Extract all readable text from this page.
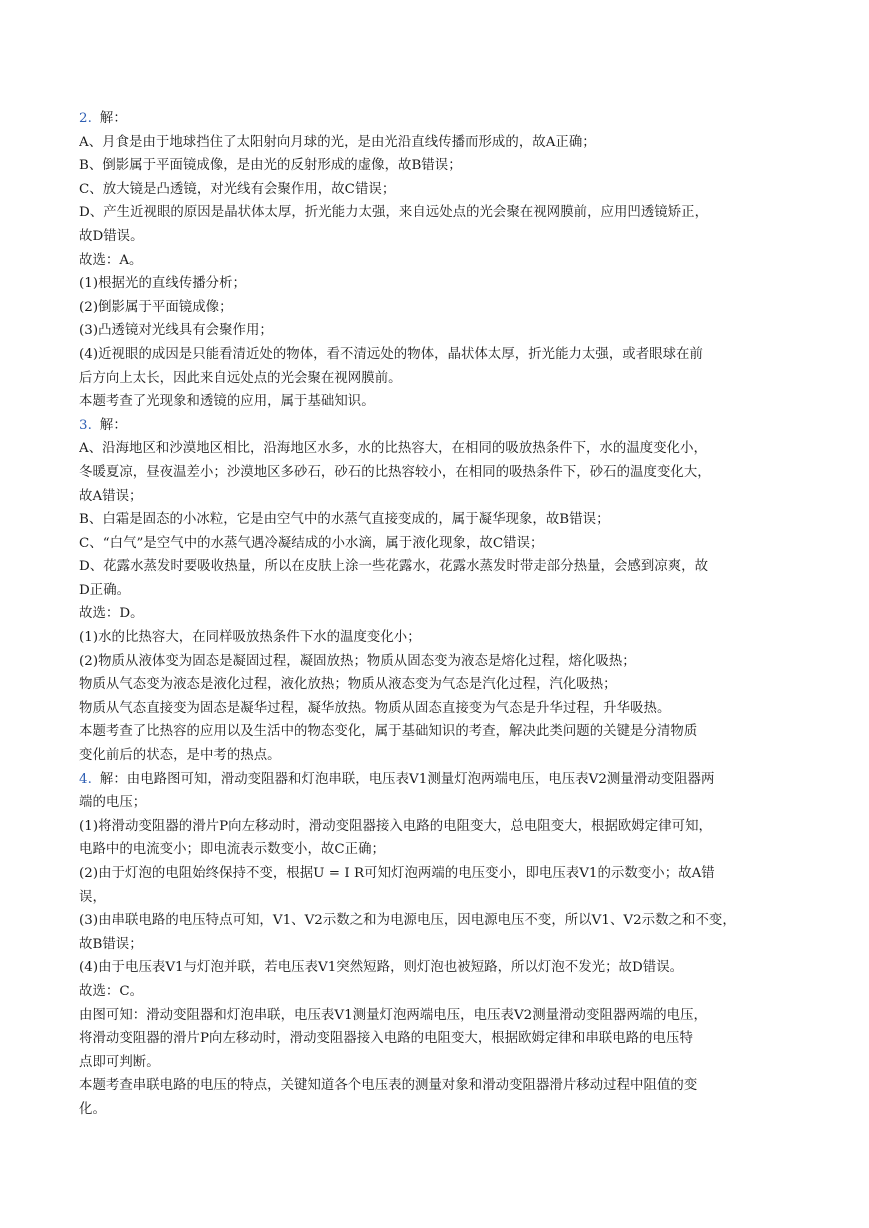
2. 解：
A、月食是由于地球挡住了太阳射向月球的光，是由光沿直线传播而形成的，故A正确；
B、倒影属于平面镜成像，是由光的反射形成的虚像，故B错误；
C、放大镜是凸透镜，对光线有会聚作用，故C错误；
D、产生近视眼的原因是晶状体太厚，折光能力太强，来自远处点的光会聚在视网膜前，应用凹透镜矫正，
故D错误。
故选：A。
(1)根据光的直线传播分析；
(2)倒影属于平面镜成像；
(3)凸透镜对光线具有会聚作用；
(4)近视眼的成因是只能看清近处的物体，看不清远处的物体，晶状体太厚，折光能力太强，或者眼球在前
后方向上太长，因此来自远处点的光会聚在视网膜前。
本题考查了光现象和透镜的应用，属于基础知识。
3. 解：
A、沿海地区和沙漠地区相比，沿海地区水多，水的比热容大，在相同的吸放热条件下，水的温度变化小，
冬暖夏凉，昼夜温差小；沙漠地区多砂石，砂石的比热容较小，在相同的吸热条件下，砂石的温度变化大，
故A错误；
B、白霜是固态的小冰粒，它是由空气中的水蒸气直接变成的，属于凝华现象，故B错误；
C、“白气”是空气中的水蒸气遇冷凝结成的小水滴，属于液化现象，故C错误；
D、花露水蒸发时要吸收热量，所以在皮肤上涂一些花露水，花露水蒸发时带走部分热量，会感到凉爽，故
D正确。
故选：D。
(1)水的比热容大，在同样吸放热条件下水的温度变化小；
(2)物质从液体变为固态是凝固过程，凝固放热；物质从固态变为液态是熔化过程，熔化吸热；
物质从气态变为液态是液化过程，液化放热；物质从液态变为气态是汽化过程，汽化吸热；
物质从气态直接变为固态是凝华过程，凝华放热。物质从固态直接变为气态是升华过程，升华吸热。
本题考查了比热容的应用以及生活中的物态变化，属于基础知识的考查，解决此类问题的关键是分清物质
变化前后的状态，是中考的热点。
4. 解：由电路图可知，滑动变阻器和灯泡串联，电压表V1测量灯泡两端电压，电压表V2测量滑动变阻器两
端的电压；
(1)将滑动变阻器的滑片P向左移动时，滑动变阻器接入电路的电阻变大，总电阻变大，根据欧姆定律可知，
电路中的电流变小；即电流表示数变小，故C正确；
(2)由于灯泡的电阻始终保持不变，根据U = I R可知灯泡两端的电压变小，即电压表V1的示数变小；故A错
误，
(3)由串联电路的电压特点可知，V1、V2示数之和为电源电压，因电源电压不变，所以V1、V2示数之和不变，
故B错误；
(4)由于电压表V1与灯泡并联，若电压表V1突然短路，则灯泡也被短路，所以灯泡不发光；故D错误。
故选：C。
由图可知：滑动变阻器和灯泡串联，电压表V1测量灯泡两端电压，电压表V2测量滑动变阻器两端的电压，
将滑动变阻器的滑片P向左移动时，滑动变阻器接入电路的电阻变大，根据欧姆定律和串联电路的电压特
点即可判断。
本题考查串联电路的电压的特点，关键知道各个电压表的测量对象和滑动变阻器滑片移动过程中阻值的变
化。
